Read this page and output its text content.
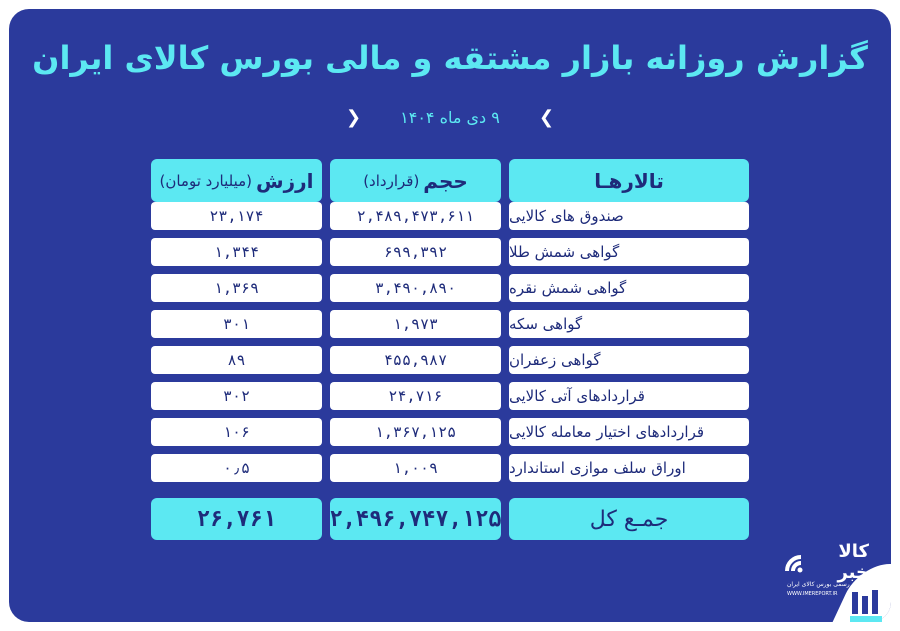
گزارش روزانه بازار مشتقه و مالی بورس کالای ایران
❯ ۹ دی ماه ۱۴۰۴ ❮
تالارهـا
حجم
(قرارداد)
ارزش
(میلیارد تومان)
صندوق های کالایی
۲,۴۸۹,۴۷۳,۶۱۱
۲۳,۱۷۴
گواهی شمش طلا
۶۹۹,۳۹۲
۱,۳۴۴
گواهی شمش نقره
۳,۴۹۰,۸۹۰
۱,۳۶۹
گواهی سکه
۱,۹۷۳
۳۰۱
گواهی زعفران
۴۵۵,۹۸۷
۸۹
قراردادهای آتی کالایی
۲۴,۷۱۶
۳۰۲
قراردادهای اختیار معامله کالایی
۱,۳۶۷,۱۲۵
۱۰۶
اوراق سلف موازی استاندارد
۱,۰۰۹
۰٫۵
جمـع کل
۲,۴۹۶,۷۴۷,۱۲۵
۲۶,۷۶۱
کالا خبر
رسانه رسمی بورس کالای ایران
WWW.IMEREPORT.IR
